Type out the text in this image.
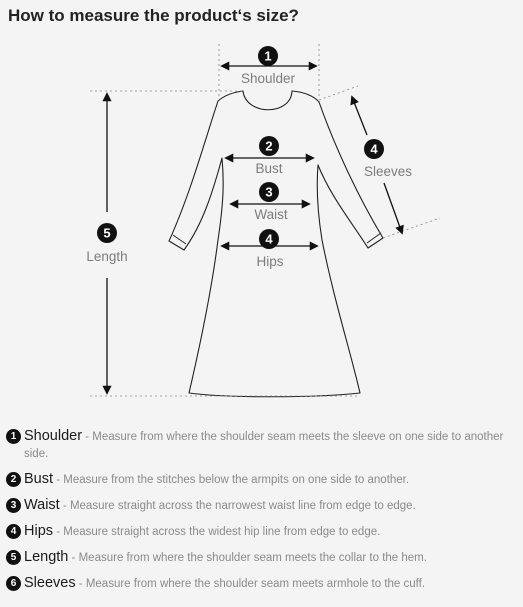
How to measure the product‘s size?
1
Shoulder
2
Bust
3
Waist
4
Hips
5
Length
4
Sleeves
1 Shoulder - Measure from where the shoulder seam meets the sleeve on one side to another side.
2 Bust - Measure from the stitches below the armpits on one side to another.
3 Waist - Measure straight across the narrowest waist line from edge to edge.
4 Hips - Measure straight across the widest hip line from edge to edge.
5 Length - Measure from where the shoulder seam meets the collar to the hem.
6 Sleeves - Measure from where the shoulder seam meets armhole to the cuff.
